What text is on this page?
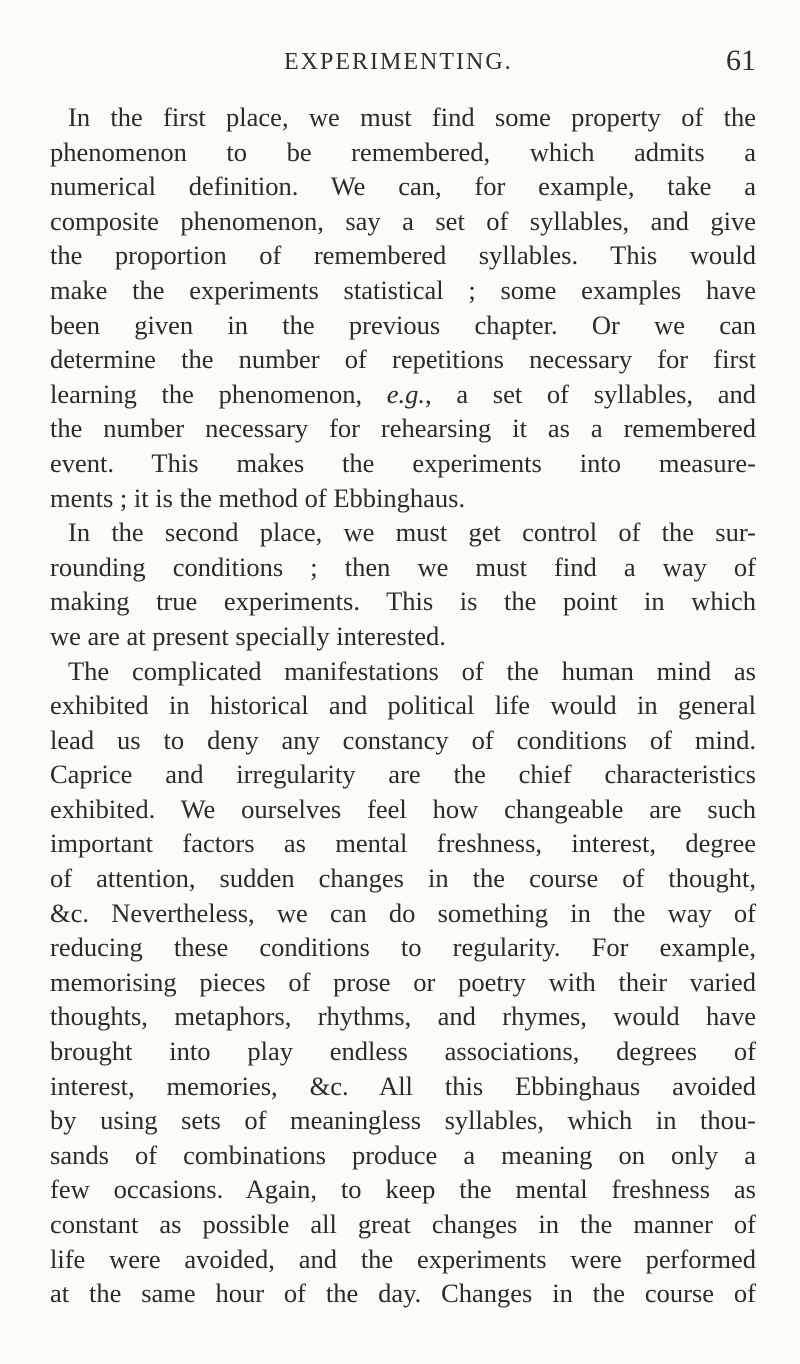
EXPERIMENTING.	61
In the first place, we must find some property of the
phenomenon to be remembered, which admits a
numerical definition. We can, for example, take a
composite phenomenon, say a set of syllables, and give
the proportion of remembered syllables. This would
make the experiments statistical ; some examples have
been given in the previous chapter. Or we can
determine the number of repetitions necessary for first
learning the phenomenon, e.g., a set of syllables, and
the number necessary for rehearsing it as a remembered
event. This makes the experiments into measure-
ments ; it is the method of Ebbinghaus.
In the second place, we must get control of the sur-
rounding conditions ; then we must find a way of
making true experiments. This is the point in which
we are at present specially interested.
The complicated manifestations of the human mind as
exhibited in historical and political life would in general
lead us to deny any constancy of conditions of mind.
Caprice and irregularity are the chief characteristics
exhibited. We ourselves feel how changeable are such
important factors as mental freshness, interest, degree
of attention, sudden changes in the course of thought,
&c. Nevertheless, we can do something in the way of
reducing these conditions to regularity. For example,
memorising pieces of prose or poetry with their varied
thoughts, metaphors, rhythms, and rhymes, would have
brought into play endless associations, degrees of
interest, memories, &c. All this Ebbinghaus avoided
by using sets of meaningless syllables, which in thou-
sands of combinations produce a meaning on only a
few occasions. Again, to keep the mental freshness as
constant as possible all great changes in the manner of
life were avoided, and the experiments were performed
at the same hour of the day. Changes in the course of
